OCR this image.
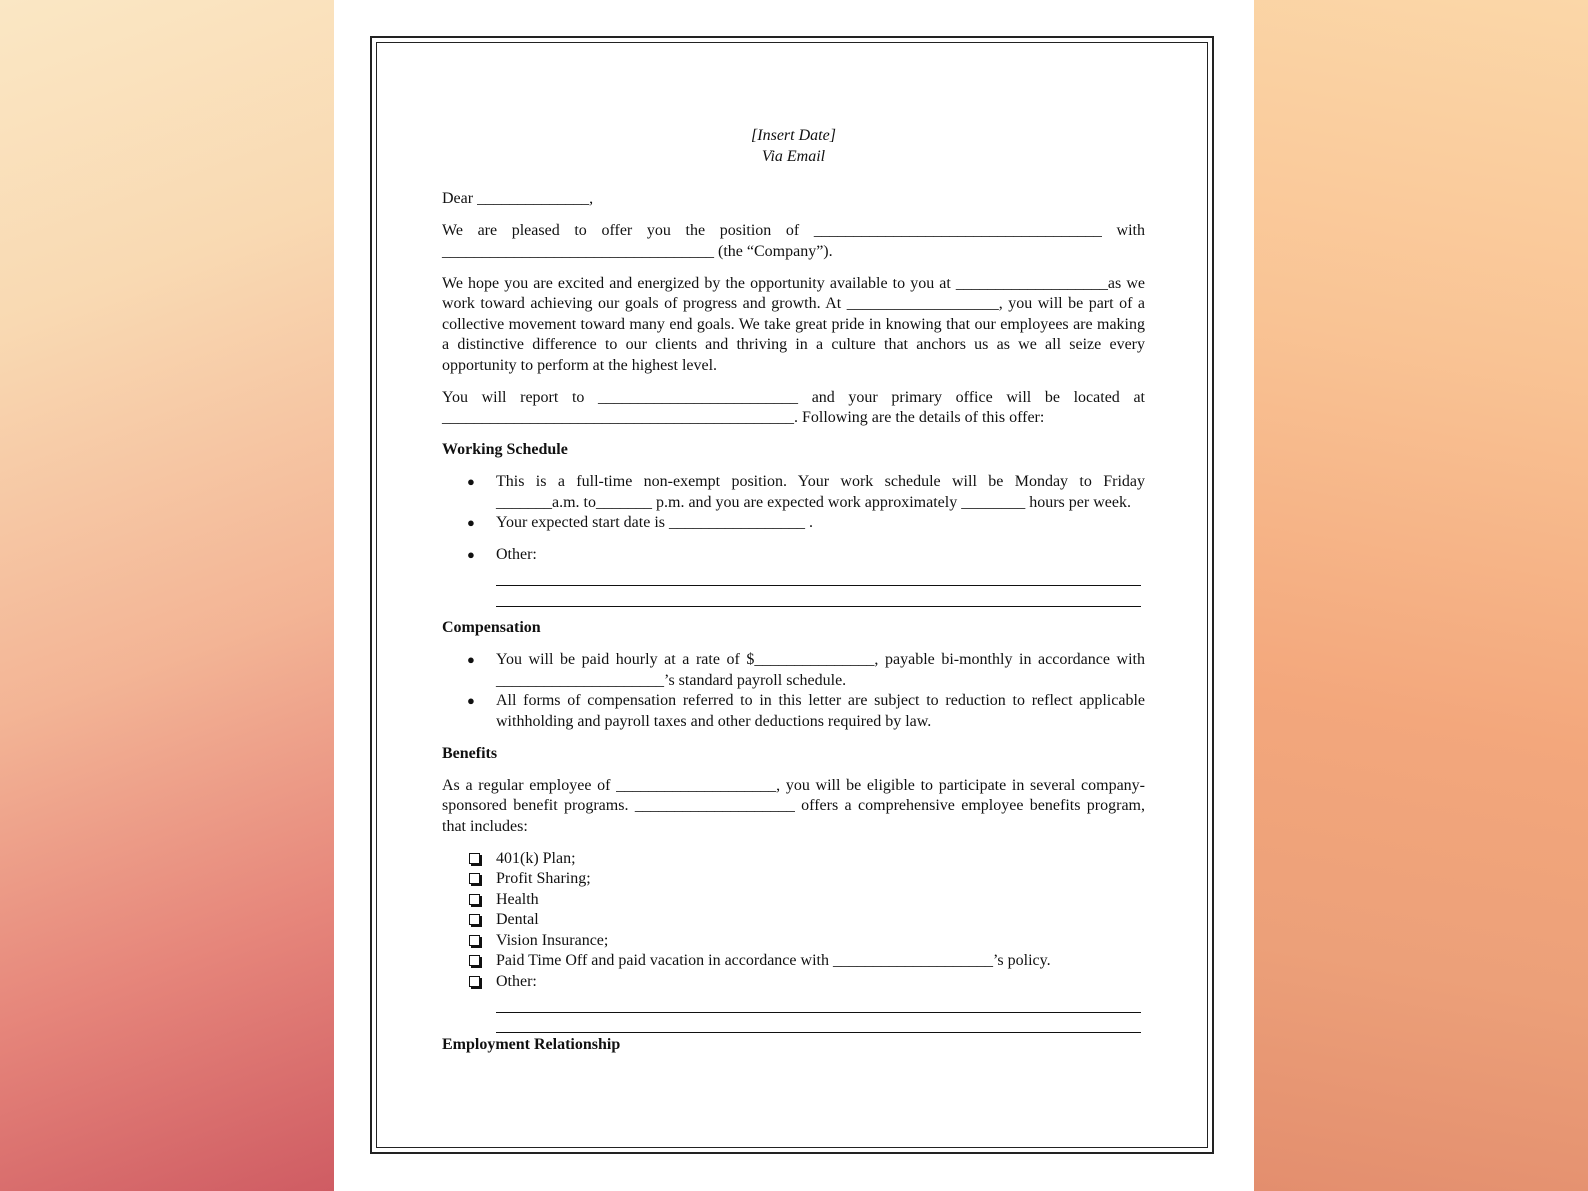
[Insert Date]
Via Email
Dear ______________,
We are pleased to offer you the position of ____________________________________ with
__________________________________ (the “Company”).
We hope you are excited and energized by the opportunity available to you at ___________________as we work toward achieving our goals of progress and growth. At ___________________, you will be part of a collective movement toward many end goals. We take great pride in knowing that our employees are making a distinctive difference to our clients and thriving in a culture that anchors us as we all seize every opportunity to perform at the highest level.
You will report to _________________________ and your primary office will be located at
____________________________________________. Following are the details of this offer:
Working Schedule
● This is a full-time non-exempt position. Your work schedule will be Monday to Friday
_______a.m. to_______ p.m. and you are expected work approximately ________ hours per week.
● Your expected start date is _________________ .
● Other:
Compensation
● You will be paid hourly at a rate of $_______________, payable bi-monthly in accordance with
_____________________’s standard payroll schedule.
● All forms of compensation referred to in this letter are subject to reduction to reflect applicable withholding and payroll taxes and other deductions required by law.
Benefits
As a regular employee of ____________________, you will be eligible to participate in several company-sponsored benefit programs. ____________________ offers a comprehensive employee benefits program, that includes:
401(k) Plan;
Profit Sharing;
Health
Dental
Vision Insurance;
Paid Time Off and paid vacation in accordance with ____________________’s policy.
Other:
Employment Relationship
